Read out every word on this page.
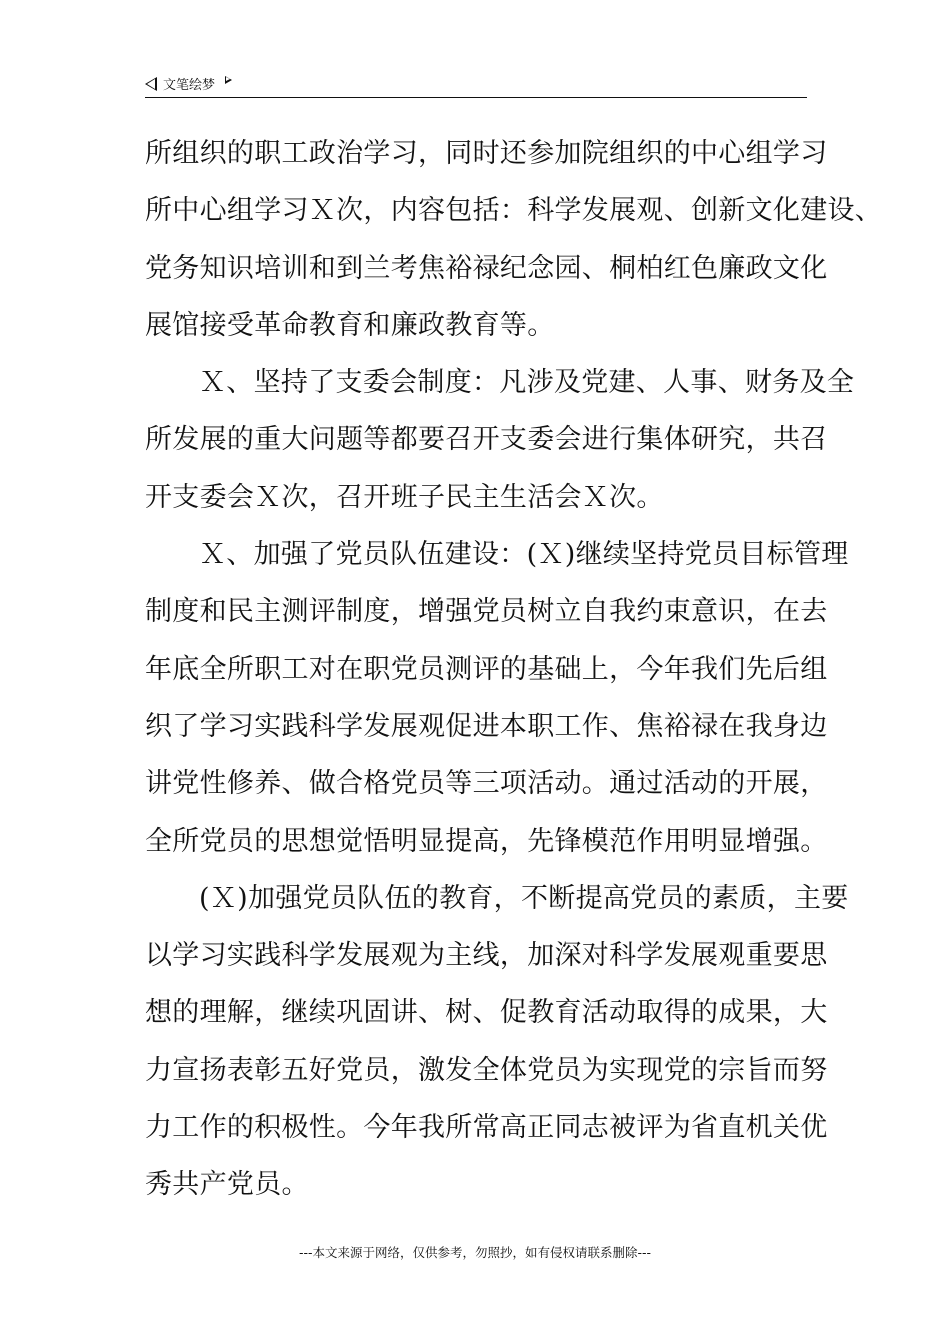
文笔绘梦
所组织的职工政治学习，同时还参加院组织的中心组学习
所中心组学习Ｘ次，内容包括：科学发展观、创新文化建设、
党务知识培训和到兰考焦裕禄纪念园、桐柏红色廉政文化
展馆接受革命教育和廉政教育等。
Ｘ、坚持了支委会制度：凡涉及党建、人事、财务及全
所发展的重大问题等都要召开支委会进行集体研究，共召
开支委会Ｘ次，召开班子民主生活会Ｘ次。
Ｘ、加强了党员队伍建设：(Ｘ)继续坚持党员目标管理
制度和民主测评制度，增强党员树立自我约束意识，在去
年底全所职工对在职党员测评的基础上，今年我们先后组
织了学习实践科学发展观促进本职工作、焦裕禄在我身边
讲党性修养、做合格党员等三项活动。通过活动的开展，
全所党员的思想觉悟明显提高，先锋模范作用明显增强。
(Ｘ)加强党员队伍的教育，不断提高党员的素质，主要
以学习实践科学发展观为主线，加深对科学发展观重要思
想的理解，继续巩固讲、树、促教育活动取得的成果，大
力宣扬表彰五好党员，激发全体党员为实现党的宗旨而努
力工作的积极性。今年我所常高正同志被评为省直机关优
秀共产党员。
---本文来源于网络，仅供参考，勿照抄，如有侵权请联系删除---
